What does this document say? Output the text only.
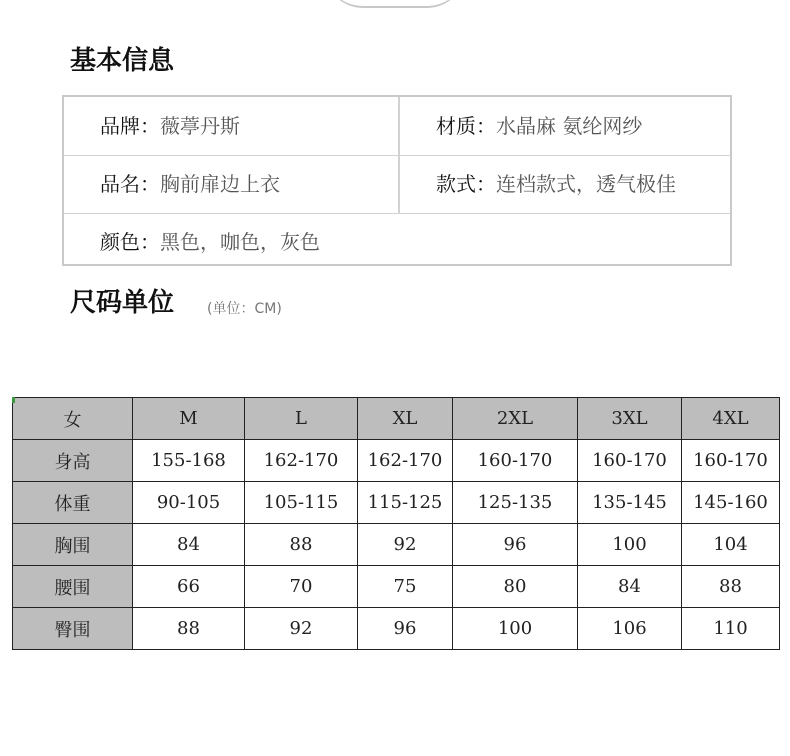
基本信息
品牌：薇葶丹斯	材质：水晶麻 氨纶网纱
品名：胸前扉边上衣	款式：连档款式，透气极佳
颜色：黑色，咖色，灰色
尺码单位 (单位：CM)
女	M	L	XL	2XL	3XL	4XL
身高	155-168	162-170	162-170	160-170	160-170	160-170
体重	90-105	105-115	115-125	125-135	135-145	145-160
胸围	84	88	92	96	100	104
腰围	66	70	75	80	84	88
臀围	88	92	96	100	106	110
